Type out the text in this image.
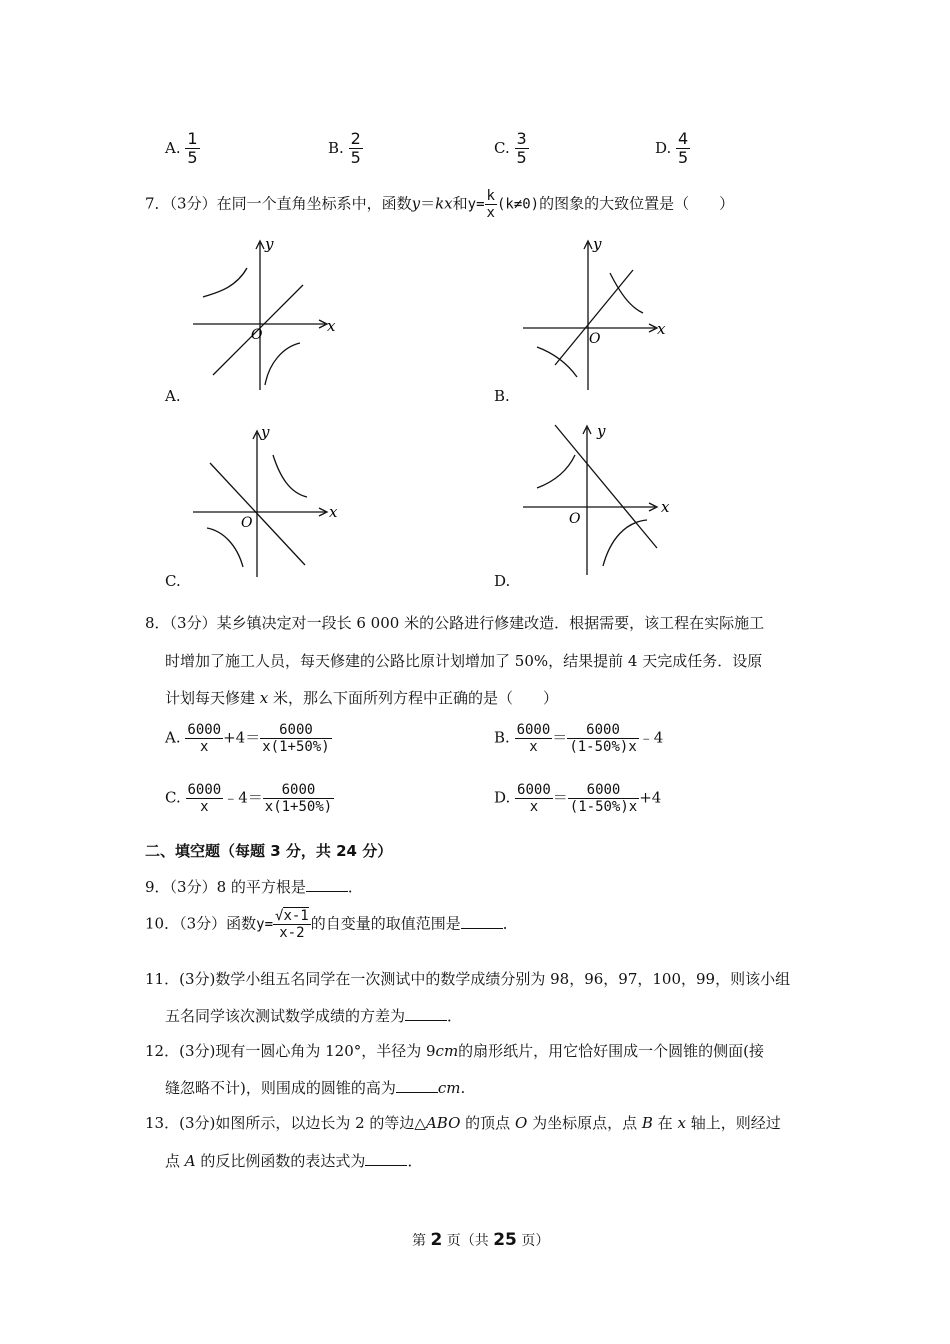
A. $\frac{1}{5}$	B. $\frac{2}{5}$	C. $\frac{3}{5}$	D. $\frac{4}{5}$
7．（3分）在同一个直角坐标系中，函数y＝kx和$y= \frac{k}{x} (k\ne 0)$的图象的大致位置是（　　）
x
y
O
A.
x
y
O
B.
x
y
O
C.
x
y
O
D.
8．（3分）某乡镇决定对一段长 6 000 米的公路进行修建改造．根据需要，该工程在实际施工
时增加了施工人员，每天修建的公路比原计划增加了 50%，结果提前 4 天完成任务．设原
计划每天修建 x 米，那么下面所列方程中正确的是（　　）
A. $\frac{6000}{x} +4= \frac{6000}{x(1+50\%)}$	B. $\frac{6000}{x} = \frac{6000}{(1-50\%)x}$ ﹣4
C. $\frac{6000}{x}$ ﹣4＝ $\frac{6000}{x(1+50\%)}$	D. $\frac{6000}{x} = \frac{6000}{(1-50\%)x} +4$
二、填空题（每题 3 分，共 24 分）
9．（3分）8 的平方根是	．
10．（3分）函数$y= \frac{√x-1}{x-2}$ 的自变量的取值范围是	．
11．(3分)数学小组五名同学在一次测试中的数学成绩分别为 98，96，97，100，99，则该小组
五名同学该次测试数学成绩的方差为	．
12．(3分)现有一圆心角为 120°，半径为 9cm的扇形纸片，用它恰好围成一个圆锥的侧面(接
缝忽略不计)，则围成的圆锥的高为	cm.
13．(3分)如图所示，以边长为 2 的等边△ABO 的顶点 O 为坐标原点，点 B 在 x 轴上，则经过
点 A 的反比例函数的表达式为	．
第 2 页（共 25 页）
